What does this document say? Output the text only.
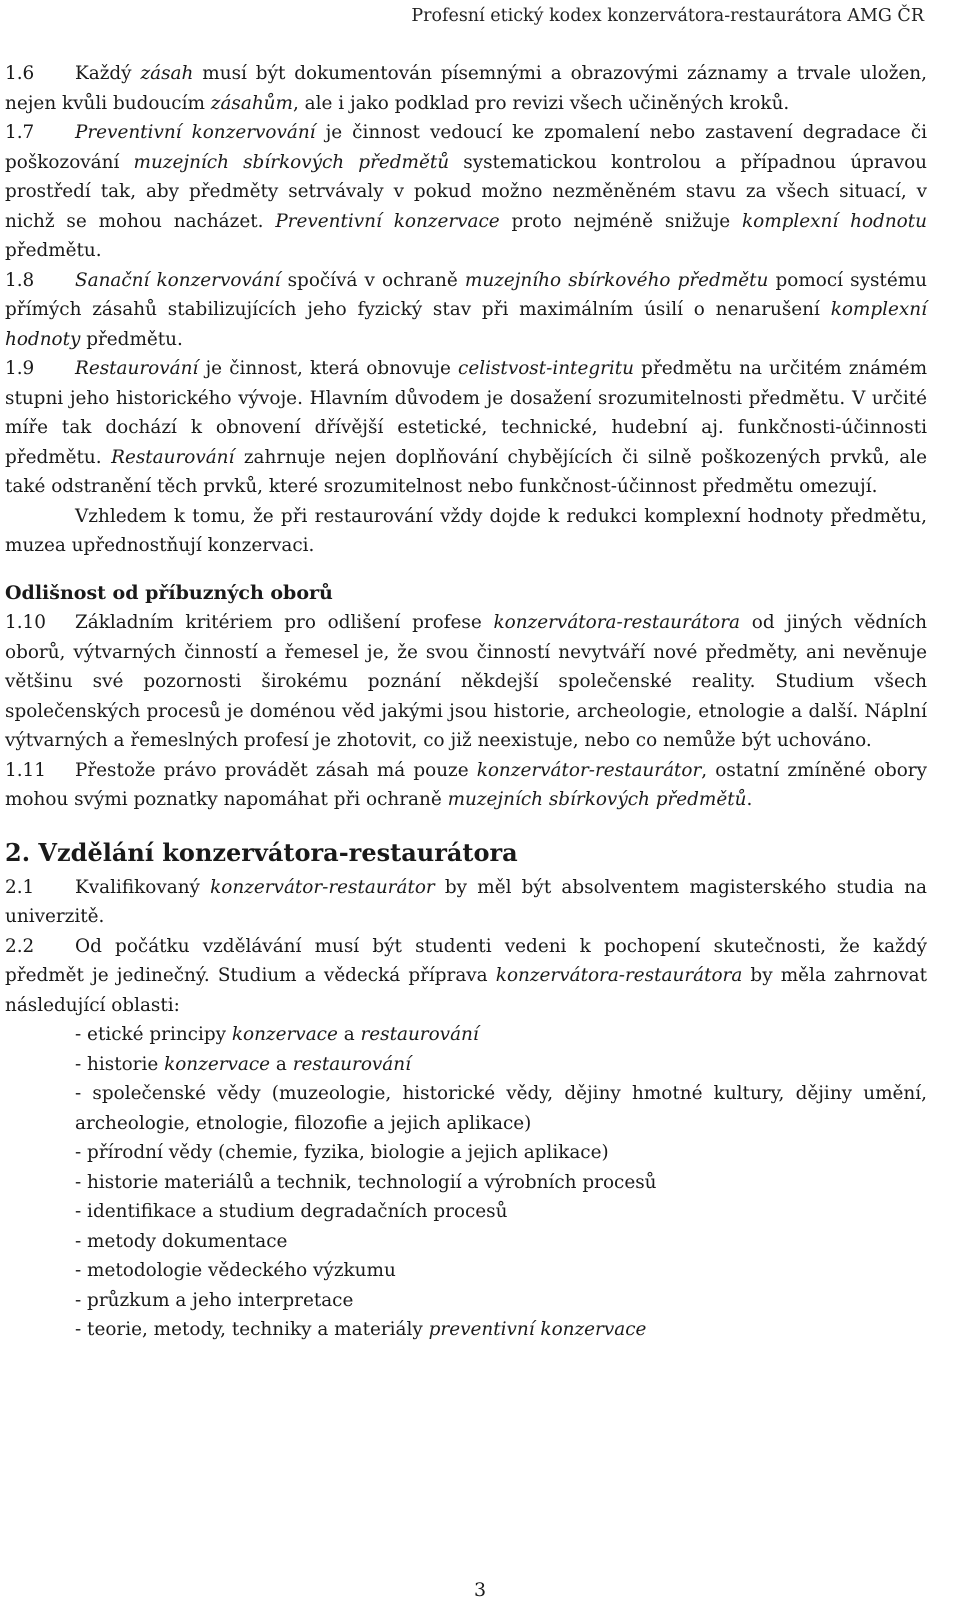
Profesní etický kodex konzervátora-restaurátora AMG ČR

1.6 Každý zásah musí být dokumentován písemnými a obrazovými záznamy a trvale uložen, nejen kvůli budoucím zásahům, ale i jako podklad pro revizi všech učiněných kroků.

1.7 Preventivní konzervování je činnost vedoucí ke zpomalení nebo zastavení degradace či poškozování muzejních sbírkových předmětů systematickou kontrolou a případnou úpravou prostředí tak, aby předměty setrvávaly v pokud možno nezměněném stavu za všech situací, v nichž se mohou nacházet. Preventivní konzervace proto nejméně snižuje komplexní hodnotu předmětu.

1.8 Sanační konzervování spočívá v ochraně muzejního sbírkového předmětu pomocí systému přímých zásahů stabilizujících jeho fyzický stav při maximálním úsilí o nenarušení komplexní hodnoty předmětu.

1.9 Restaurování je činnost, která obnovuje celistvost-integritu předmětu na určitém známém stupni jeho historického vývoje. Hlavním důvodem je dosažení srozumitelnosti předmětu. V určité míře tak dochází k obnovení dřívější estetické, technické, hudební aj. funkčnosti-účinnosti předmětu. Restaurování zahrnuje nejen doplňování chybějících či silně poškozených prvků, ale také odstranění těch prvků, které srozumitelnost nebo funkčnost-účinnost předmětu omezují.

Vzhledem k tomu, že při restaurování vždy dojde k redukci komplexní hodnoty předmětu, muzea upřednostňují konzervaci.

Odlišnost od příbuzných oborů

1.10 Základním kritériem pro odlišení profese konzervátora-restaurátora od jiných vědních oborů, výtvarných činností a řemesel je, že svou činností nevytváří nové předměty, ani nevěnuje většinu své pozornosti širokému poznání někdejší společenské reality. Studium všech společenských procesů je doménou věd jakými jsou historie, archeologie, etnologie a další. Náplní výtvarných a řemeslných profesí je zhotovit, co již neexistuje, nebo co nemůže být uchováno.

1.11 Přestože právo provádět zásah má pouze konzervátor-restaurátor, ostatní zmíněné obory mohou svými poznatky napomáhat při ochraně muzejních sbírkových předmětů.

2. Vzdělání konzervátora-restaurátora

2.1 Kvalifikovaný konzervátor-restaurátor by měl být absolventem magisterského studia na univerzitě.

2.2 Od počátku vzdělávání musí být studenti vedeni k pochopení skutečnosti, že každý předmět je jedinečný. Studium a vědecká příprava konzervátora-restaurátora by měla zahrnovat následující oblasti:

- etické principy konzervace a restaurování
- historie konzervace a restaurování
- společenské vědy (muzeologie, historické vědy, dějiny hmotné kultury, dějiny umění, archeologie, etnologie, filozofie a jejich aplikace)
- přírodní vědy (chemie, fyzika, biologie a jejich aplikace)
- historie materiálů a technik, technologií a výrobních procesů
- identifikace a studium degradačních procesů
- metody dokumentace
- metodologie vědeckého výzkumu
- průzkum a jeho interpretace
- teorie, metody, techniky a materiály preventivní konzervace
3
